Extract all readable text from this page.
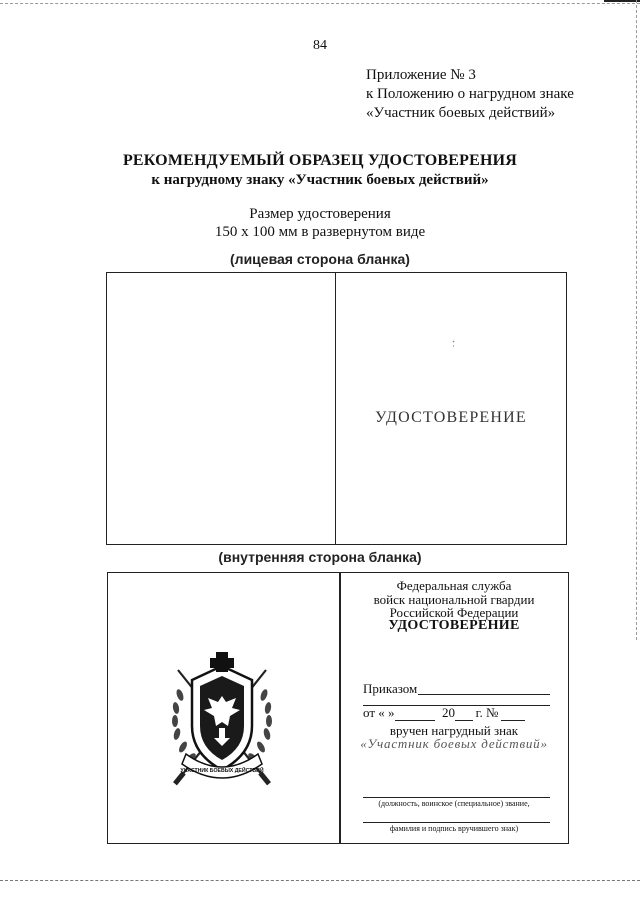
84
Приложение № 3
к Положению о нагрудном знаке
«Участник боевых действий»
РЕКОМЕНДУЕМЫЙ ОБРАЗЕЦ УДОСТОВЕРЕНИЯ
к нагрудному знаку «Участник боевых действий»
Размер удостоверения
150 х 100 мм в развернутом виде
(лицевая сторона бланка)
УДОСТОВЕРЕНИЕ
(внутренняя сторона бланка)
УЧАСТНИК БОЕВЫХ ДЕЙСТВИЙ
Федеральная служба
войск национальной гвардии
Российской Федерации
УДОСТОВЕРЕНИЕ
Приказом
от « »	20 г. №
вручен нагрудный знак
«Участник боевых действий»
(должность, воинское (специальное) звание,
фамилия и подпись вручившего знак)
